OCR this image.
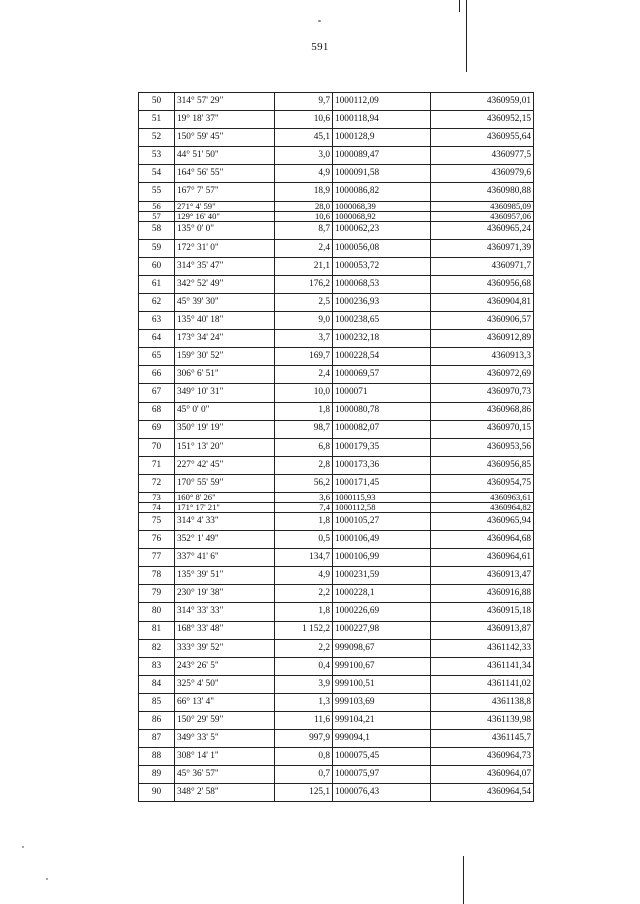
591
50	314° 57' 29"	9,7	1000112,09	4360959,01
51	19° 18' 37"	10,6	1000118,94	4360952,15
52	150° 59' 45"	45,1	1000128,9	4360955,64
53	44° 51' 50"	3,0	1000089,47	4360977,5
54	164° 56' 55"	4,9	1000091,58	4360979,6
55	167° 7' 57"	18,9	1000086,82	4360980,88
56	271° 4' 59"	28,0	1000068,39	4360985,09
57	129° 16' 40"	10,6	1000068,92	4360957,06
58	135° 0' 0"	8,7	1000062,23	4360965,24
59	172° 31' 0"	2,4	1000056,08	4360971,39
60	314° 35' 47"	21,1	1000053,72	4360971,7
61	342° 52' 49"	176,2	1000068,53	4360956,68
62	45° 39' 30"	2,5	1000236,93	4360904,81
63	135° 40' 18"	9,0	1000238,65	4360906,57
64	173° 34' 24"	3,7	1000232,18	4360912,89
65	159° 30' 52"	169,7	1000228,54	4360913,3
66	306° 6' 51"	2,4	1000069,57	4360972,69
67	349° 10' 31"	10,0	1000071	4360970,73
68	45° 0' 0"	1,8	1000080,78	4360968,86
69	350° 19' 19"	98,7	1000082,07	4360970,15
70	151° 13' 20"	6,8	1000179,35	4360953,56
71	227° 42' 45"	2,8	1000173,36	4360956,85
72	170° 55' 59"	56,2	1000171,45	4360954,75
73	160° 8' 26"	3,6	1000115,93	4360963,61
74	171° 17' 21"	7,4	1000112,58	4360964,82
75	314° 4' 33"	1,8	1000105,27	4360965,94
76	352° 1' 49"	0,5	1000106,49	4360964,68
77	337° 41' 6"	134,7	1000106,99	4360964,61
78	135° 39' 51"	4,9	1000231,59	4360913,47
79	230° 19' 38"	2,2	1000228,1	4360916,88
80	314° 33' 33"	1,8	1000226,69	4360915,18
81	168° 33' 48"	1 152,2	1000227,98	4360913,87
82	333° 39' 52"	2,2	999098,67	4361142,33
83	243° 26' 5"	0,4	999100,67	4361141,34
84	325° 4' 50"	3,9	999100,51	4361141,02
85	66° 13' 4"	1,3	999103,69	4361138,8
86	150° 29' 59"	11,6	999104,21	4361139,98
87	349° 33' 5"	997,9	999094,1	4361145,7
88	308° 14' 1"	0,8	1000075,45	4360964,73
89	45° 36' 57"	0,7	1000075,97	4360964,07
90	348° 2' 58"	125,1	1000076,43	4360964,54
